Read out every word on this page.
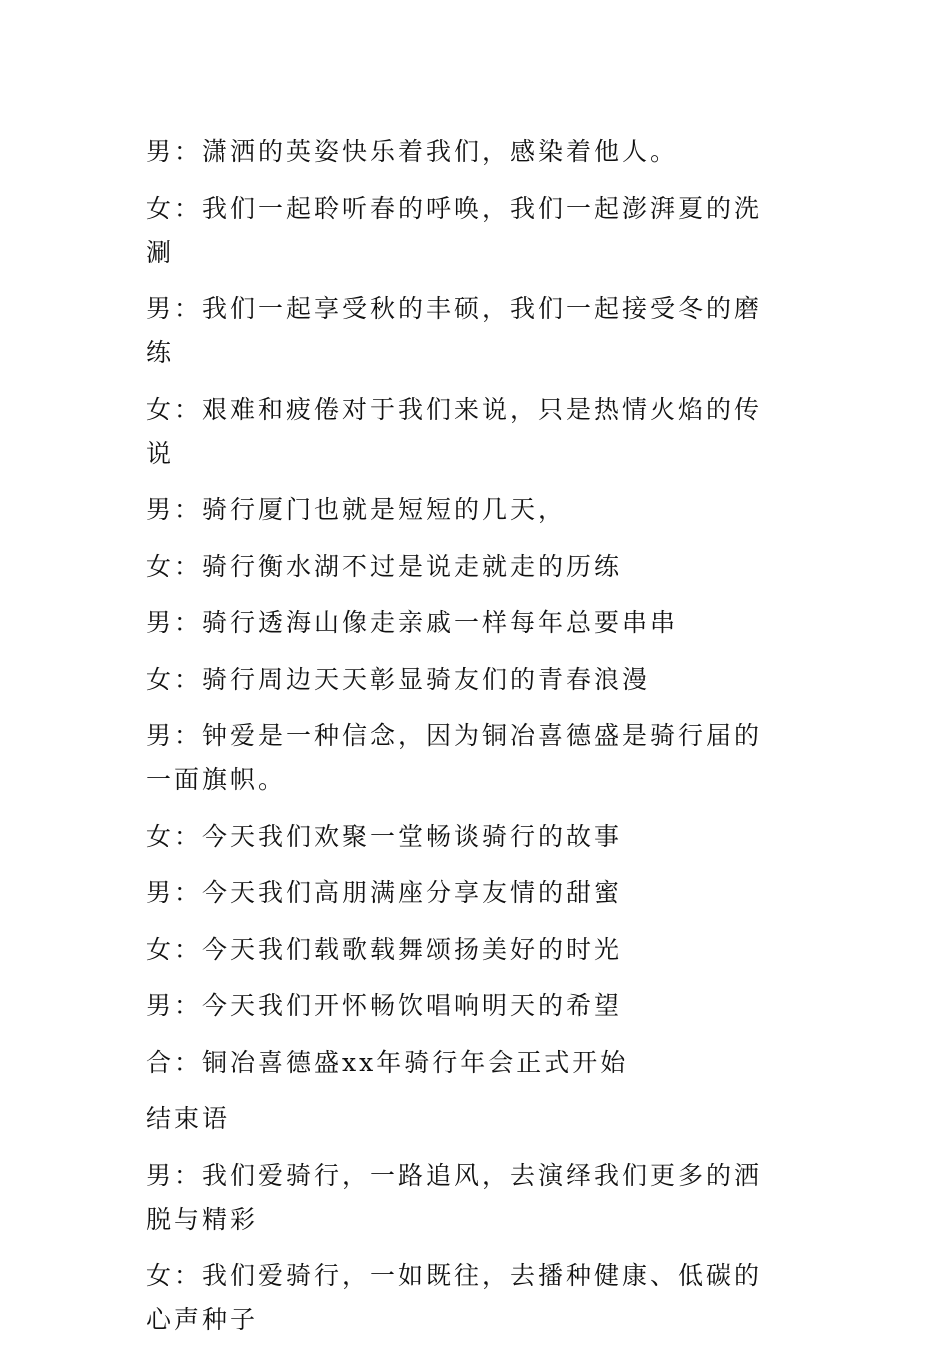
男：潇洒的英姿快乐着我们，感染着他人。

女：我们一起聆听春的呼唤，我们一起澎湃夏的洗涮

男：我们一起享受秋的丰硕，我们一起接受冬的磨练

女：艰难和疲倦对于我们来说，只是热情火焰的传说

男：骑行厦门也就是短短的几天，

女：骑行衡水湖不过是说走就走的历练

男：骑行透海山像走亲戚一样每年总要串串

女：骑行周边天天彰显骑友们的青春浪漫

男：钟爱是一种信念，因为铜冶喜德盛是骑行届的一面旗帜。

女：今天我们欢聚一堂畅谈骑行的故事

男：今天我们高朋满座分享友情的甜蜜

女：今天我们载歌载舞颂扬美好的时光

男：今天我们开怀畅饮唱响明天的希望

合：铜冶喜德盛xx年骑行年会正式开始

结束语

男：我们爱骑行，一路追风，去演绎我们更多的洒脱与精彩

女：我们爱骑行，一如既往，去播种健康、低碳的心声种子
